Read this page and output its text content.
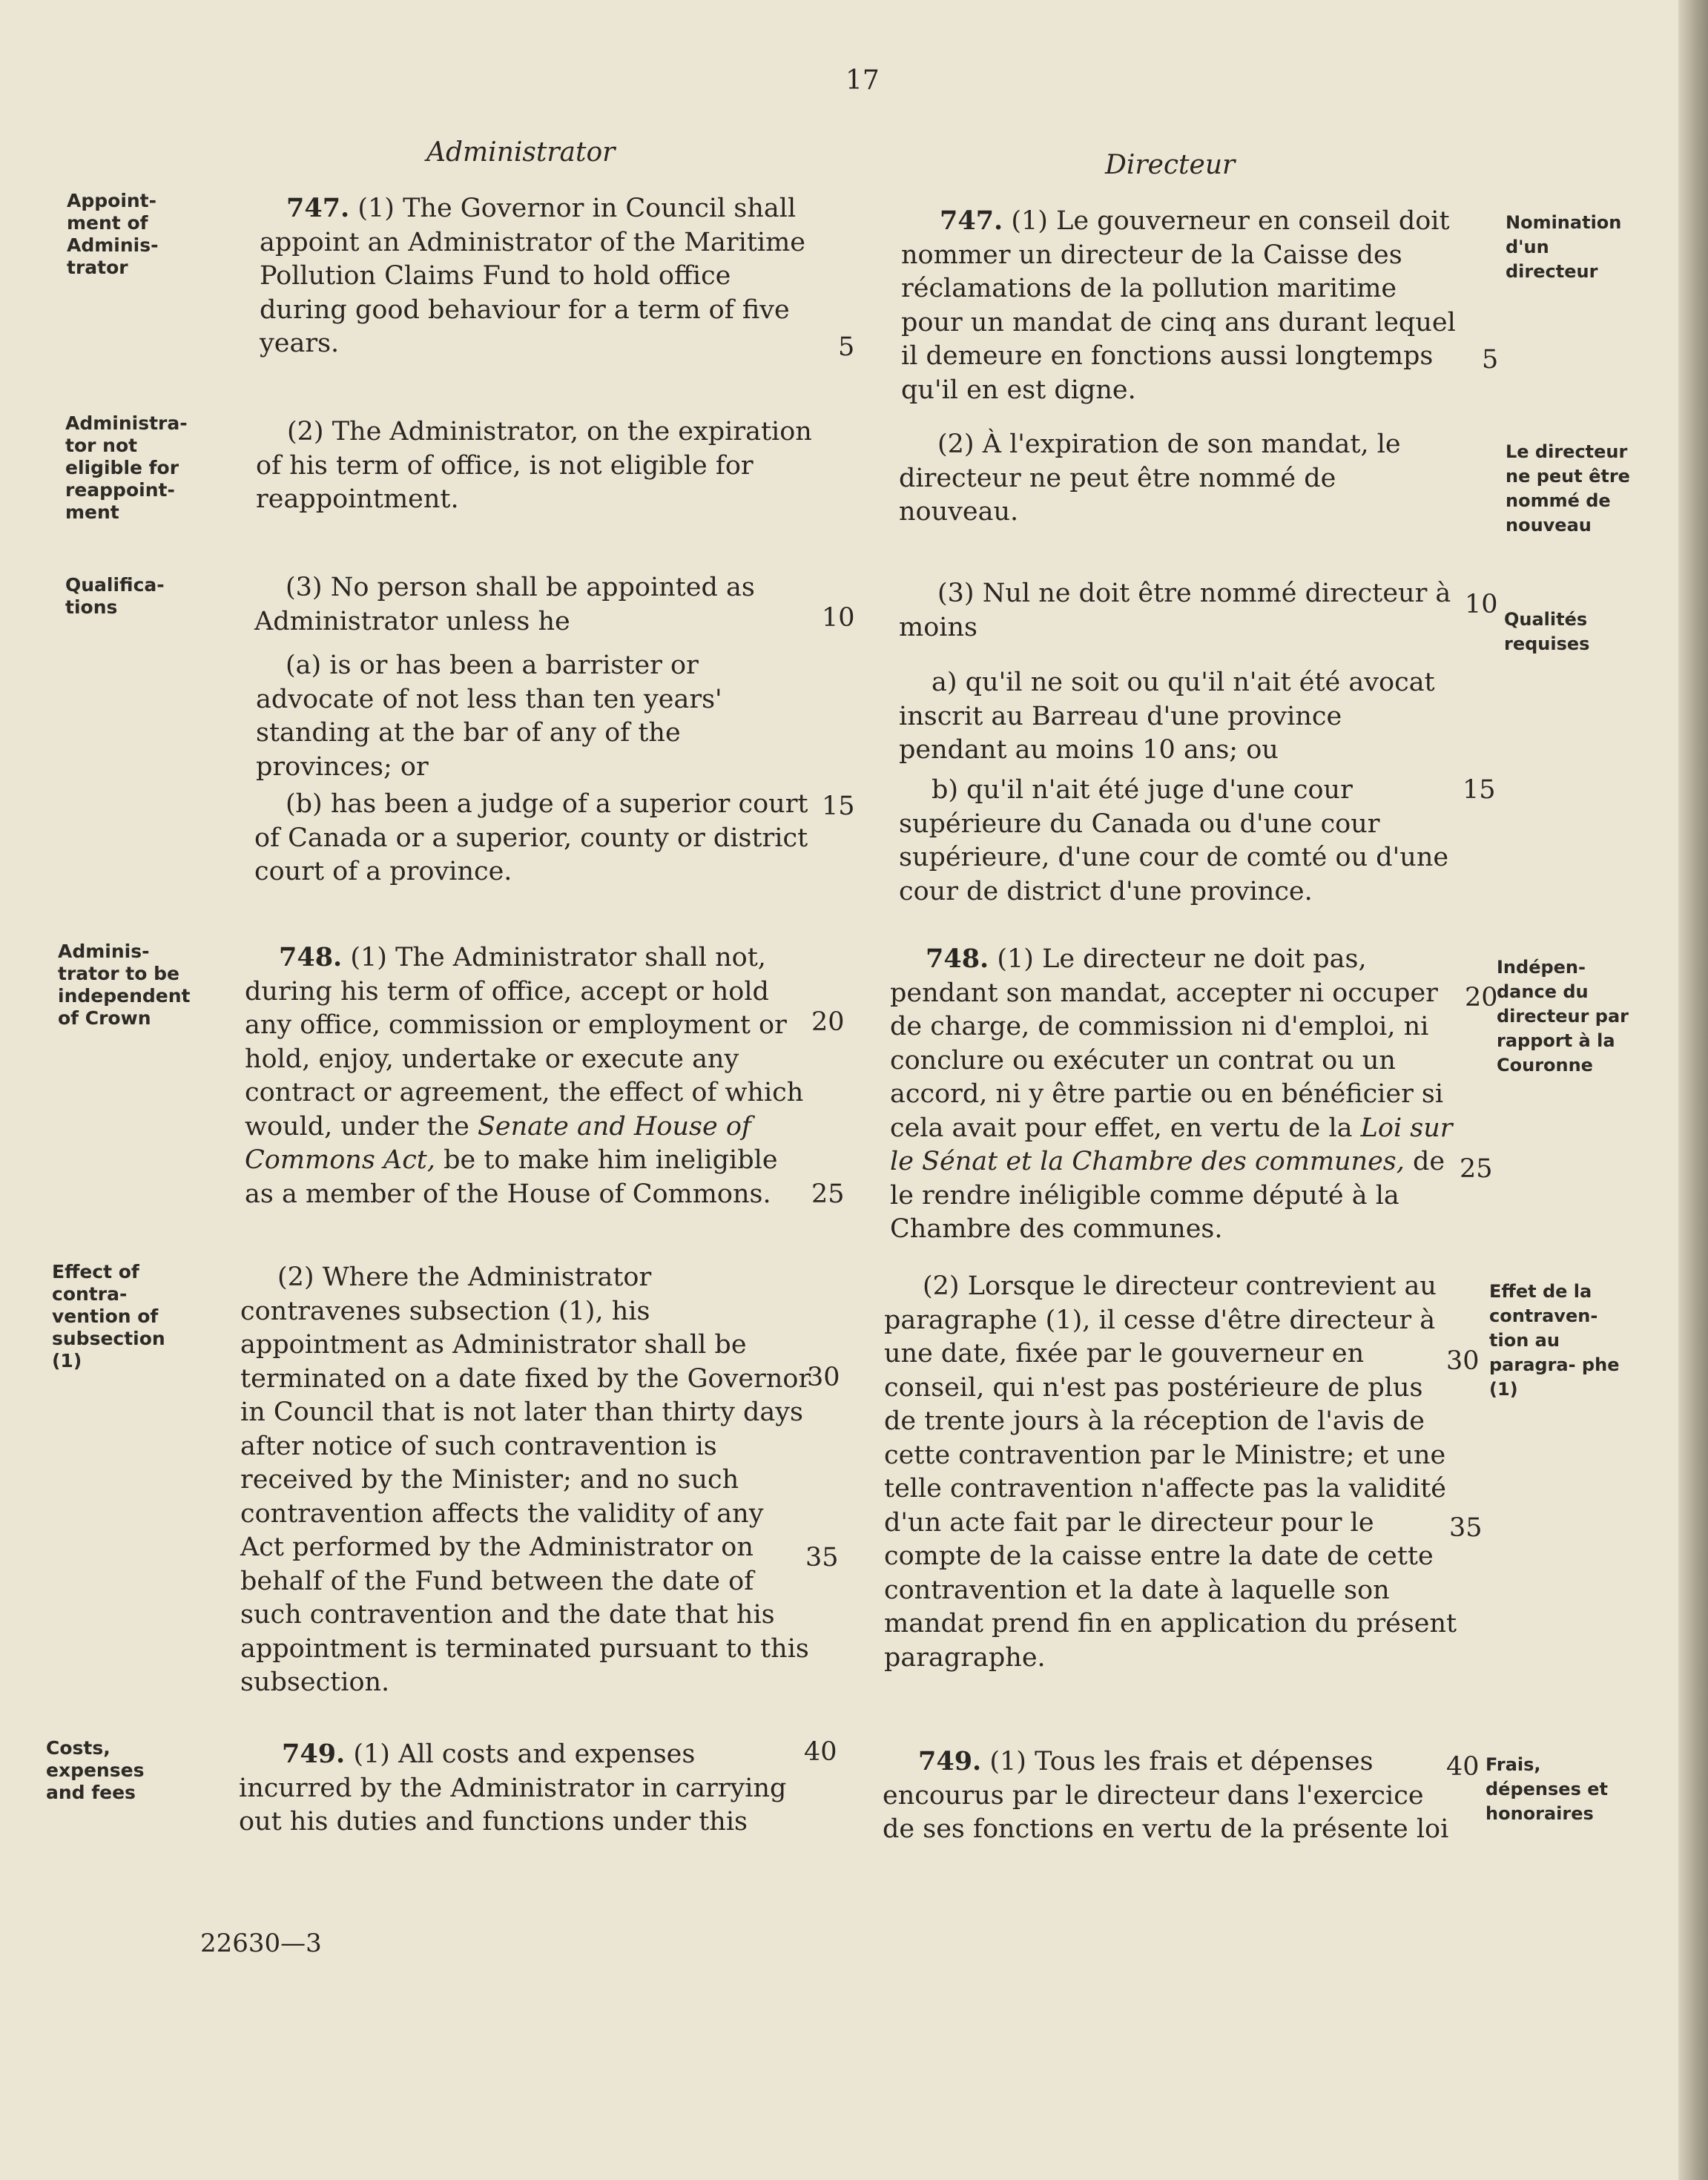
17
Administrator	Directeur
Appoint- ment of Adminis- trator
Administra- tor not eligible for reappoint- ment
Qualifica- tions
Adminis- trator to be independent of Crown
Effect of contra- vention of subsection (1)
Costs, expenses and fees

747. (1) The Governor in Council shall appoint an Administrator of the Maritime Pollution Claims Fund to hold office during good behaviour for a term of five years.

(2) The Administrator, on the expiration of his term of office, is not eligible for reappointment.

(3) No person shall be appointed as Administrator unless he

(a) is or has been a barrister or advocate of not less than ten years' standing at the bar of any of the provinces; or

(b) has been a judge of a superior court of Canada or a superior, county or district court of a province.

748. (1) The Administrator shall not, during his term of office, accept or hold any office, commission or employment or hold, enjoy, undertake or execute any contract or agreement, the effect of which would, under the Senate and House of Commons Act, be to make him ineligible as a member of the House of Commons.

(2) Where the Administrator contravenes subsection (1), his appointment as Administrator shall be terminated on a date fixed by the Governor in Council that is not later than thirty days after notice of such contravention is received by the Minister; and no such contravention affects the validity of any Act performed by the Administrator on behalf of the Fund between the date of such contravention and the date that his appointment is terminated pursuant to this subsection.

749. (1) All costs and expenses incurred by the Administrator in carrying out his duties and functions under this

5
10
15
20
25
30
35
40

747. (1) Le gouverneur en conseil doit nommer un directeur de la Caisse des réclamations de la pollution maritime pour un mandat de cinq ans durant lequel il demeure en fonctions aussi longtemps qu'il en est digne.

(2) À l'expiration de son mandat, le directeur ne peut être nommé de nouveau.

(3) Nul ne doit être nommé directeur à moins

a) qu'il ne soit ou qu'il n'ait été avocat inscrit au Barreau d'une province pendant au moins 10 ans; ou

b) qu'il n'ait été juge d'une cour supérieure du Canada ou d'une cour supérieure, d'une cour de comté ou d'une cour de district d'une province.

748. (1) Le directeur ne doit pas, pendant son mandat, accepter ni occuper de charge, de commission ni d'emploi, ni conclure ou exécuter un contrat ou un accord, ni y être partie ou en bénéficier si cela avait pour effet, en vertu de la Loi sur le Sénat et la Chambre des communes, de le rendre inéligible comme député à la Chambre des communes.

(2) Lorsque le directeur contrevient au paragraphe (1), il cesse d'être directeur à une date, fixée par le gouverneur en conseil, qui n'est pas postérieure de plus de trente jours à la réception de l'avis de cette contravention par le Ministre; et une telle contravention n'affecte pas la validité d'un acte fait par le directeur pour le compte de la caisse entre la date de cette contravention et la date à laquelle son mandat prend fin en application du présent paragraphe.

749. (1) Tous les frais et dépenses encourus par le directeur dans l'exercice de ses fonctions en vertu de la présente loi

5
10
15
20
25
30
35
40
Nomination d'un directeur
Le directeur ne peut être nommé de nouveau
Qualités requises
Indépen- dance du directeur par rapport à la Couronne
Effet de la contraven- tion au paragra- phe (1)
Frais, dépenses et honoraires
22630—3
